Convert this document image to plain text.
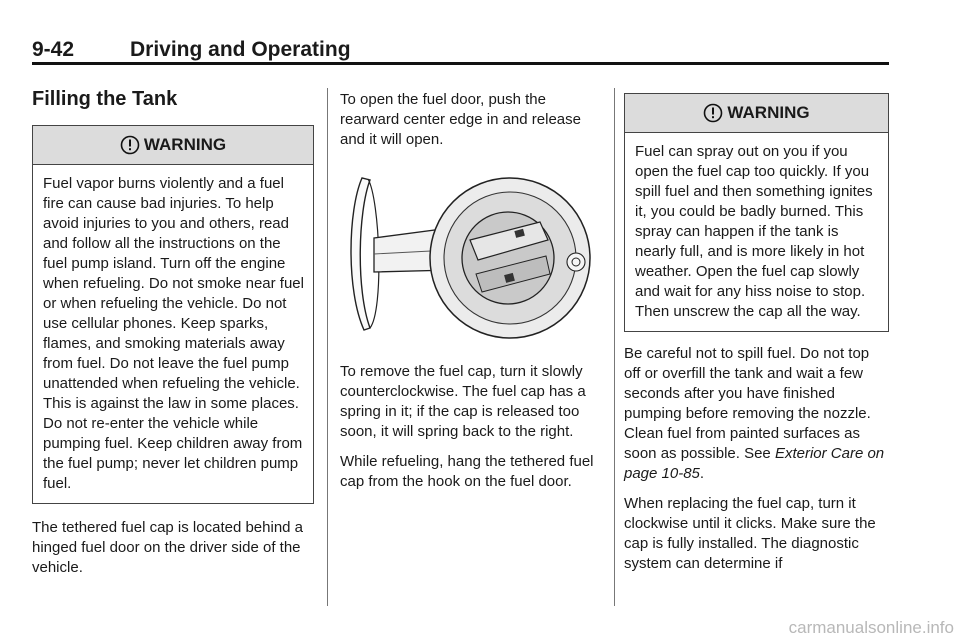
9-42	Driving and Operating
Filling the Tank
WARNING
Fuel vapor burns violently and a fuel fire can cause bad injuries. To help avoid injuries to you and others, read and follow all the instructions on the fuel pump island. Turn off the engine when refueling. Do not smoke near fuel or when refueling the vehicle. Do not use cellular phones. Keep sparks, flames, and smoking materials away from fuel. Do not leave the fuel pump unattended when refueling the vehicle. This is against the law in some places. Do not re-enter the vehicle while pumping fuel. Keep children away from the fuel pump; never let children pump fuel.

The tethered fuel cap is located behind a hinged fuel door on the driver side of the vehicle.

To open the fuel door, push the rearward center edge in and release and it will open.

To remove the fuel cap, turn it slowly counterclockwise. The fuel cap has a spring in it; if the cap is released too soon, it will spring back to the right.

While refueling, hang the tethered fuel cap from the hook on the fuel door.

WARNING
Fuel can spray out on you if you open the fuel cap too quickly. If you spill fuel and then something ignites it, you could be badly burned. This spray can happen if the tank is nearly full, and is more likely in hot weather. Open the fuel cap slowly and wait for any hiss noise to stop. Then unscrew the cap all the way.

Be careful not to spill fuel. Do not top off or overfill the tank and wait a few seconds after you have finished pumping before removing the nozzle. Clean fuel from painted surfaces as soon as possible. See Exterior Care on page 10-85.

When replacing the fuel cap, turn it clockwise until it clicks. Make sure the cap is fully installed. The diagnostic system can determine if

carmanualsonline.info
